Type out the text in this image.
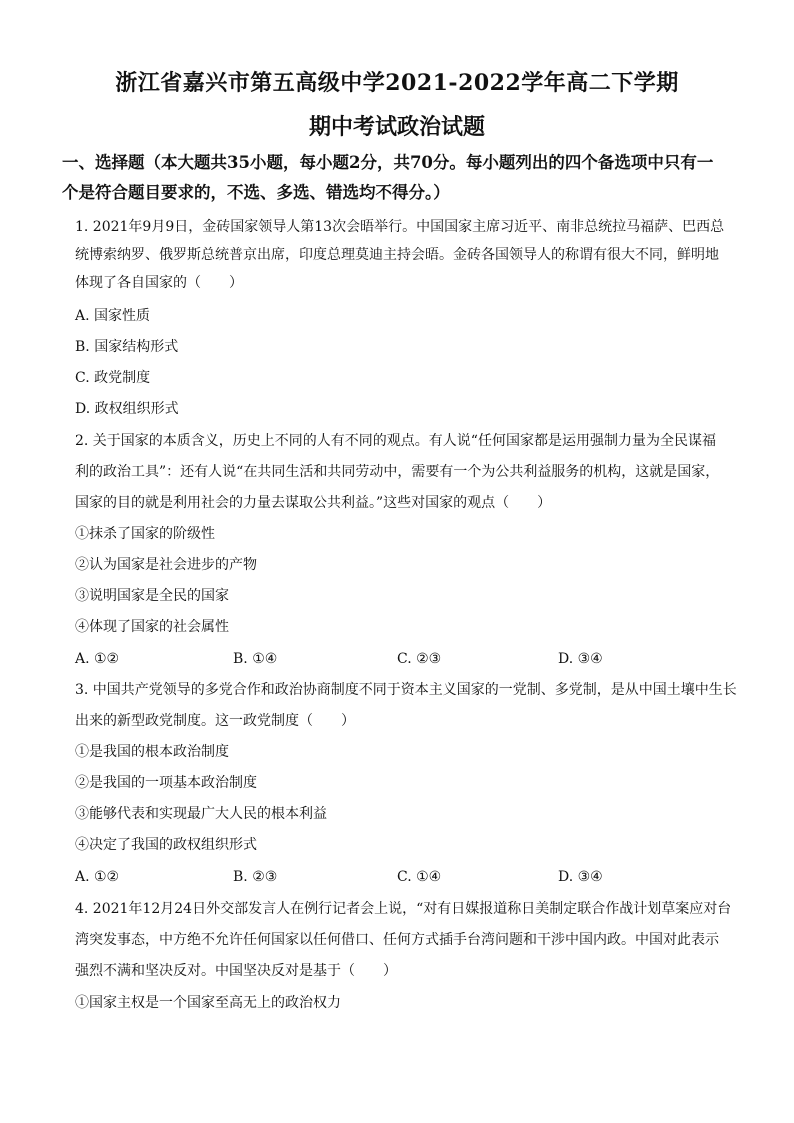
浙江省嘉兴市第五高级中学2021-2022学年高二下学期
期中考试政治试题
一、选择题（本大题共35小题，每小题2分，共70分。每小题列出的四个备选项中只有一
个是符合题目要求的，不选、多选、错选均不得分。）
1. 2021年9月9日，金砖国家领导人第13次会晤举行。中国国家主席习近平、南非总统拉马福萨、巴西总
统博索纳罗、俄罗斯总统普京出席，印度总理莫迪主持会晤。金砖各国领导人的称谓有很大不同，鲜明地
体现了各自国家的（　　）
A. 国家性质
B. 国家结构形式
C. 政党制度
D. 政权组织形式
2. 关于国家的本质含义，历史上不同的人有不同的观点。有人说“任何国家都是运用强制力量为全民谋福
利的政治工具”：还有人说“在共同生活和共同劳动中，需要有一个为公共利益服务的机构，这就是国家，
国家的目的就是利用社会的力量去谋取公共利益。”这些对国家的观点（　　）
①抹杀了国家的阶级性
②认为国家是社会进步的产物
③说明国家是全民的国家
④体现了国家的社会属性
A. ①②	B. ①④	C. ②③	D. ③④
3. 中国共产党领导的多党合作和政治协商制度不同于资本主义国家的一党制、多党制，是从中国土壤中生长
出来的新型政党制度。这一政党制度（　　）
①是我国的根本政治制度
②是我国的一项基本政治制度
③能够代表和实现最广大人民的根本利益
④决定了我国的政权组织形式
A. ①②	B. ②③	C. ①④	D. ③④
4. 2021年12月24日外交部发言人在例行记者会上说，“对有日媒报道称日美制定联合作战计划草案应对台
湾突发事态，中方绝不允许任何国家以任何借口、任何方式插手台湾问题和干涉中国内政。中国对此表示
强烈不满和坚决反对。中国坚决反对是基于（　　）
①国家主权是一个国家至高无上的政治权力
